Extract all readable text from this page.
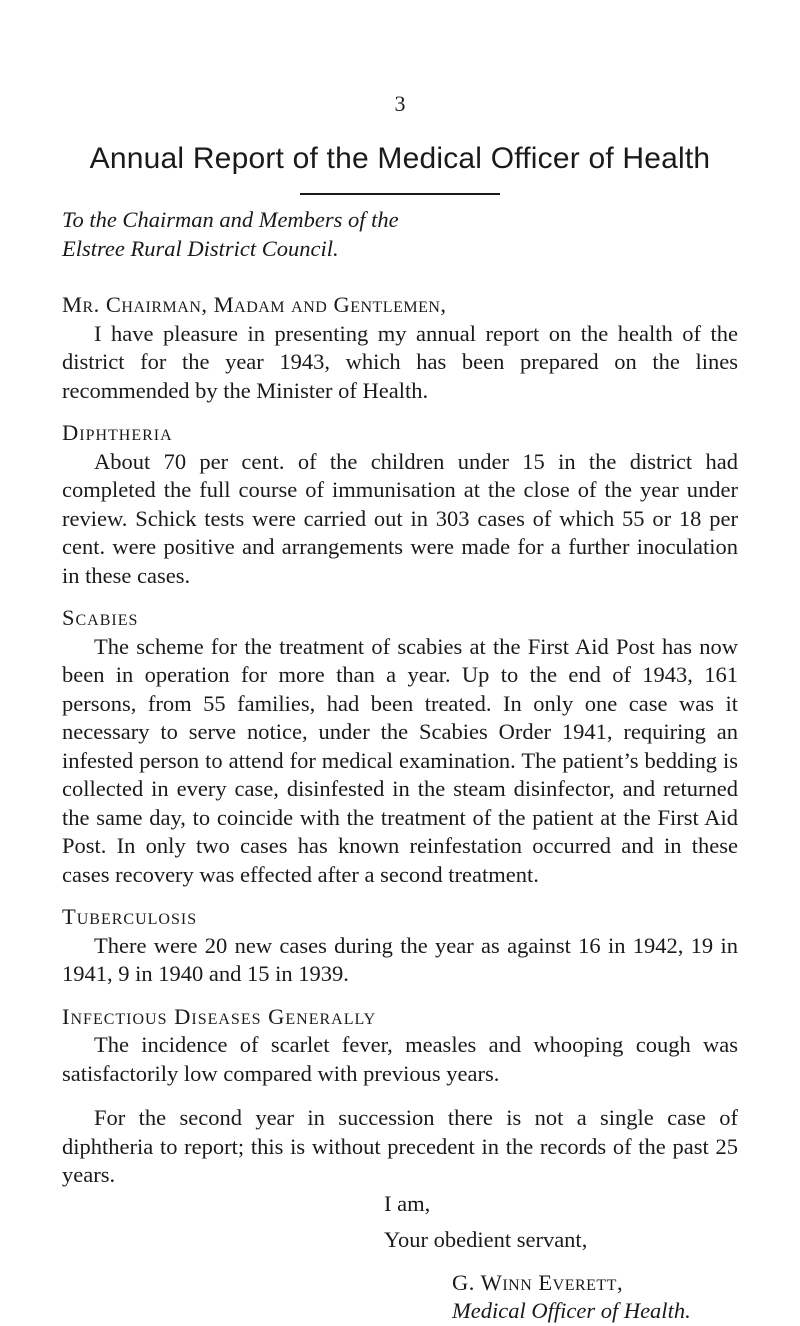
3
Annual Report of the Medical Officer of Health

To the Chairman and Members of the

Elstree Rural District Council.

Mr. Chairman, Madam and Gentlemen,

I have pleasure in presenting my annual report on the health of the district for the year 1943, which has been prepared on the lines recommended by the Minister of Health.

Diphtheria

About 70 per cent. of the children under 15 in the district had completed the full course of immunisation at the close of the year under review. Schick tests were carried out in 303 cases of which 55 or 18 per cent. were positive and arrangements were made for a further inoculation in these cases.

Scabies

The scheme for the treatment of scabies at the First Aid Post has now been in operation for more than a year. Up to the end of 1943, 161 persons, from 55 families, had been treated. In only one case was it necessary to serve notice, under the Scabies Order 1941, requiring an infested person to attend for medical examination. The patient’s bedding is collected in every case, disinfested in the steam disinfector, and returned the same day, to coincide with the treatment of the patient at the First Aid Post. In only two cases has known reinfestation occurred and in these cases recovery was effected after a second treatment.

Tuberculosis

There were 20 new cases during the year as against 16 in 1942, 19 in 1941, 9 in 1940 and 15 in 1939.

Infectious Diseases Generally

The incidence of scarlet fever, measles and whooping cough was satisfactorily low compared with previous years.

For the second year in succession there is not a single case of diphtheria to report; this is without precedent in the records of the past 25 years.

I am,

Your obedient servant,

G. Winn Everett,

Medical Officer of Health.
